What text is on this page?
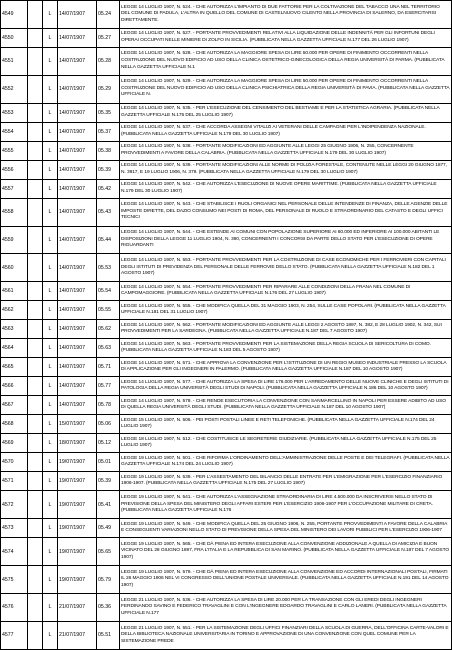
4549		L	14/07/1907	05.24	LEGGE 14 LUGLIO 1907, N. 524. - CHE AUTORIZZA L'IMPIANTO DI DUE FATTORIE PER LA COLTIVAZIONE DEL TABACCO UNA NEL TERRITORIO DEL COMUNE DI PADULA, L'ALTRA IN QUELLO DEL COMUNE DI CASTELNUOVO CILENTO NELLA PROVINCIA DI SALERNO, DA ESERCITARSI DIRETTAMENTE.
4550		L	14/07/1907	05.27	LEGGE 14 LUGLIO 1907, N. 527. - PORTANTE PROVVEDIMENTI RELATIVI ALLA LIQUIDAZIONE DELLE INDENNITÀ PER GLI INFORTUNI DEGLI OPERAI OCCUPATI NELLE MINIERE DI ZOLFO IN SICILIA. (PUBBLICATA NELLA GAZZETTA UFFICIALE N.177 DEL 26 LUGLIO 1907)
4551		L	14/07/1907	05.28	LEGGE 14 LUGLIO 1907, N. 528. - CHE AUTORIZZA LA MAGGIORE SPESA DI LIRE 50.000 PER OPERE DI FINIMENTO OCCORRENTI NELLA COSTRUZIONE DEL NUOVO EDIFICIO AD USO DELLA CLINICA OSTETRICO-GINECOLOGICA DELLA REGIA UNIVERSITÀ DI PARMA. (PUBBLICATA NELLA GAZZETTA UFFICIALE N.1
4552		L	14/07/1907	05.29	LEGGE 14 LUGLIO 1907, N. 529. - CHE AUTORIZZA LA MAGGIORE SPESA DI LIRE 50.000 PER OPERE DI FINIMENTO OCCORRENTI NELLA COSTRUZIONE DEL NUOVO EDIFICIO AD USO DELLA CLINICA PSICHIATRICA DELLA REGIA UNIVERSITÀ DI PAVIA. (PUBBLICATA NELLA GAZZETTA UFFICIALE N.
4553		L	14/07/1907	05.35	LEGGE 14 LUGLIO 1907, N. 535. - PER L'ESECUZIONE DEL CENSIMENTO DEL BESTIAME E PER LA STATISTICA AGRARIA. (PUBBLICATA NELLA GAZZETTA UFFICIALE N.175 DEL 25 LUGLIO 1907)
4554		L	14/07/1907	05.37	LEGGE 14 LUGLIO 1907, N. 537. - CHE ACCORDA ASSEGNI VITALIZI AI VETERANI DELLE CAMPAGNE PER L'INDIPENDENZA NAZIONALE. (PUBBLICATA NELLA GAZZETTA UFFICIALE N.179 DEL 30 LUGLIO 1907)
4555		L	14/07/1907	05.38	LEGGE 14 LUGLIO 1907, N. 538. - PORTANTE MODIFICAZIONI ED AGGIUNTE ALLE LEGGI 25 GIUGNO 1906, N. 255, CONCERNENTE PROVVEDIMENTI A FAVORE DELLA CALABRIA. (PUBBLICATA NELLA GAZZETTA UFFICIALE N.179 DEL 30 LUGLIO 1907)
4556		L	14/07/1907	05.39	LEGGE 14 LUGLIO 1907, N. 539. - PORTANTE MODIFICAZIONI ALLE NORME DI POLIZIA FORESTALE, CONTENUTE NELLE LEGGI 20 GIUGNO 1877, N. 3917, E 19 LUGLIO 1906, N. 379. (PUBBLICATA NELLA GAZZETTA UFFICIALE N.179 DEL 30 LUGLIO 1907)
4557		L	14/07/1907	05.42	LEGGE 14 LUGLIO 1907, N. 542. - CHE AUTORIZZA L'ESECUZIONE DI NUOVE OPERE MARITTIME. (PUBBLICATA NELLA GAZZETTA UFFICIALE N.179 DEL 30 LUGLIO 1907)
4558		L	14/07/1907	05.43	LEGGE 14 LUGLIO 1907, N. 543. - CHE STABILISCE I RUOLI ORGANICI NEL PERSONALE DELLE INTENDENZE DI FINANZA, DELLE AGENZIE DELLE IMPOSTE DIRETTE, DEL DAZIO CONSUMO NEI POSTI DI ROMA, DEL PERSONALE DI RUOLO E STRAORDINARIO DEL CATASTO E DEGLI UFFICI TECNICI
4559		L	14/07/1907	05.44	LEGGE 14 LUGLIO 1907, N. 544. - CHE ESTENDE AI COMUNI CON POPOLAZIONE SUPERIORE AI 60.000 ED INFERIORE AI 100.000 ABITANTI LE DISPOSIZIONI DELLA LEGGE 11 LUGLIO 1904, N. 390, CONCERNENTI I CONCORSI DA PARTE DELLO STATO PER L'ESECUZIONE DI OPERE RIGUARDANTI
4560		L	14/07/1907	05.53	LEGGE 14 LUGLIO 1907, N. 553. - PORTANTE PROVVEDIMENTI PER LA COSTRUZIONE DI CASE ECONOMICHE PER I FERROVIERI CON CAPITALI DEGLI ISTITUTI DI PREVIDENZA DEL PERSONALE DELLE FERROVIE DELLO STATO. (PUBBLICATA NELLA GAZZETTA UFFICIALE N.182 DEL 1 AGOSTO 1907)
4561		L	14/07/1907	05.54	LEGGE 14 LUGLIO 1907, N. 554. - PORTANTE PROVVEDIMENTI PER RIPARARE ALLE CONDIZIONI DELLA FRANA NEL COMUNE DI CAMPOMAGGIORE. (PUBBLICATA NELLA GAZZETTA UFFICIALE N.176 DEL 27 LUGLIO 1907)
4562		L	14/07/1907	05.55	LEGGE 14 LUGLIO 1907, N. 555. - CHE MODIFICA QUELLA DEL 31 MAGGIO 1903, N. 254, SULLE CASE POPOLARI. (PUBBLICATA NELLA GAZZETTA UFFICIALE N.181 DEL 31 LUGLIO 1907)
4563		L	14/07/1907	05.62	LEGGE 14 LUGLIO 1907, N. 562. - PORTANTE MODIFICAZIONI ED AGGIUNTE ALLE LEGGI 2 AGOSTO 1897, N. 382, E 28 LUGLIO 1902, N. 342, SUI PROVVEDIMENTI PER LA SARDEGNA. (PUBBLICATA NELLA GAZZETTA UFFICIALE N.187 DEL 7 AGOSTO 1907)
4564		L	14/07/1907	05.63	LEGGE 14 LUGLIO 1907, N. 563. - PORTANTE PROVVEDIMENTI PER LA SISTEMAZIONE DELLA REGIA SCUOLA DI SERICOLTURA DI COMO. (PUBBLICATA NELLA GAZZETTA UFFICIALE N.183 DEL 5 AGOSTO 1907)
4565		L	14/07/1907	05.71	LEGGE 14 LUGLIO 1907, N. 571. - CHE APPROVA LA CONVENZIONE PER L'ISTITUZIONE DI UN REGIO MUSEO INDUSTRIALE PRESSO LA SCUOLA DI APPLICAZIONE PER GLI INGEGNERI IN PALERMO. (PUBBLICATA NELLA GAZZETTA UFFICIALE N.187 DEL 10 AGOSTO 1907)
4566		L	14/07/1907	05.77	LEGGE 14 LUGLIO 1907, N. 577. - CHE AUTORIZZA LA SPESA DI LIRE 176.000 PER L'ARREDAMENTO DELLE NUOVE CLINICHE E DEGLI ISTITUTI DI PATOLOGIA DELLA REGIA UNIVERSITÀ DEGLI STUDI DI NAPOLI. (PUBBLICATA NELLA GAZZETTA UFFICIALE N.186 DEL 10 AGOSTO 1907)
4567		L	14/07/1907	05.78	LEGGE 14 LUGLIO 1907, N. 578. - CHE RENDE ESECUTORIA LA CONVENZIONE CON SANMARCELLINO IN NAPOLI PER ESSERE ADIBITO AD USO DI QUELLA REGIA UNIVERSITÀ DEGLI STUDI. (PUBBLICATA NELLA GAZZETTA UFFICIALE N.187 DEL 10 AGOSTO 1907)
4568		L	15/07/1907	05.06	LEGGE 15 LUGLIO 1907, N. 506. - PEI POSTI POSTALI LINEE E RETI TELEFONICHE. (PUBBLICATA NELLA GAZZETTA UFFICIALE N.174 DEL 24 LUGLIO 1907)
4569		L	18/07/1907	05.12	LEGGE 18 LUGLIO 1907, N. 512. - CHE COSTITUISCE LE SEGRETERIE GIUDIZIARIE. (PUBBLICATA NELLA GAZZETTA UFFICIALE N.175 DEL 25 LUGLIO 1907)
4570		L	19/07/1907	05.01	LEGGE 19 LUGLIO 1907, N. 501. - CHE RIFORMA L'ORDINAMENTO DELL'AMMINISTRAZIONE DELLE POSTE E DEI TELEGRAFI. (PUBBLICATA NELLA GAZZETTA UFFICIALE N.174 DEL 24 LUGLIO 1907)
4571		L	19/07/1907	05.39	LEGGE 19 LUGLIO 1907, N. 539. - PER L'ASSESTAMENTO DEL BILANCIO DELLE ENTRATE PER L'EMIGRAZIONE PER L'ESERCIZIO FINANZIARIO 1906-1907. (PUBBLICATA NELLA GAZZETTA UFFICIALE N.175 DEL 27 LUGLIO 1907)
4572		L	19/07/1907	05.41	LEGGE 19 LUGLIO 1907, N. 541. - CHE AUTORIZZA L'ASSEGNAZIONE STRAORDINARIA DI LIRE 4.500.000 DA INSCRIVERSI NELLO STATO DI PREVISIONE DELLA SPESA DEL MINISTERO DEGLI AFFARI ESTERI PER L'ESERCIZIO 1906-1907 PER L'OCCUPAZIONE MILITARE DI CRETA. (PUBBLICATA NELLA GAZZETTA UFFICIALE N.176
4573		L	19/07/1907	05.49	LEGGE 19 LUGLIO 1907, N. 549. - CHE MODIFICA QUELLA DEL 25 GIUGNO 1906, N. 255, PORTANTE PROVVEDIMENTI A FAVORE DELLA CALABRIA E CONSEGUENTI VARIAZIONI NELLO STATO DI PREVISIONE DELLA SPESA DEL MINISTERO DEI LAVORI PUBBLICI PER L'ESERCIZIO 1906-1907
4574		L	19/07/1907	05.65	LEGGE 19 LUGLIO 1907, N. 565. - CHE DÀ PIENA ED INTERA ESECUZIONE ALLA CONVENZIONE ADDIZIONALE A QUELLA DI AMICIZIA E BUON VICINATO DEL 28 GIUGNO 1897, FRA L'ITALIA E LA REPUBBLICA DI SAN MARINO. (PUBBLICATA NELLA GAZZETTA UFFICIALE N.187 DEL 7 AGOSTO 1907)
4575		L	19/07/1907	05.79	LEGGE 19 LUGLIO 1907, N. 579. - CHE DÀ PIENA ED INTERA ESECUZIONE ALLA CONVENZIONE ED ACCORDI INTERNAZIONALI POSTALI, FIRMATI IL 26 MAGGIO 1906 NEL VI CONGRESSO DELL'UNIONE POSTALE UNIVERSALE. (PUBBLICATA NELLA GAZZETTA UFFICIALE N.191 DEL 14 AGOSTO 1907)
4576		L	21/07/1907	05.36	LEGGE 21 LUGLIO 1907, N. 536. - CHE AUTORIZZA LA SPESA DI LIRE 20.000 PER LA TRANSAZIONE CON GLI EREDI DEGLI INGEGNERI FERDINANDO SAVINO E FEDERICO TRAVAGLINI E CON L'INGEGNERE EDOARDO TRAVAGLINI E CARLO LANERI. (PUBBLICATA NELLA GAZZETTA UFFICIALE N.177
4577		L	21/07/1907	05.51	LEGGE 21 LUGLIO 1907, N. 551. - PER LA SISTEMAZIONE DEGLI UFFICI FINANZIARI DELLA SCUOLA DI GUERRA, DELL'OFFICINA CARTE-VALORI E DELLA BIBLIOTECA NAZIONALE UNIVERSITARIA IN TORINO E APPROVAZIONE DI UNA CONVENZIONE CON QUEL COMUNE PER LA SISTEMAZIONE PREDE
